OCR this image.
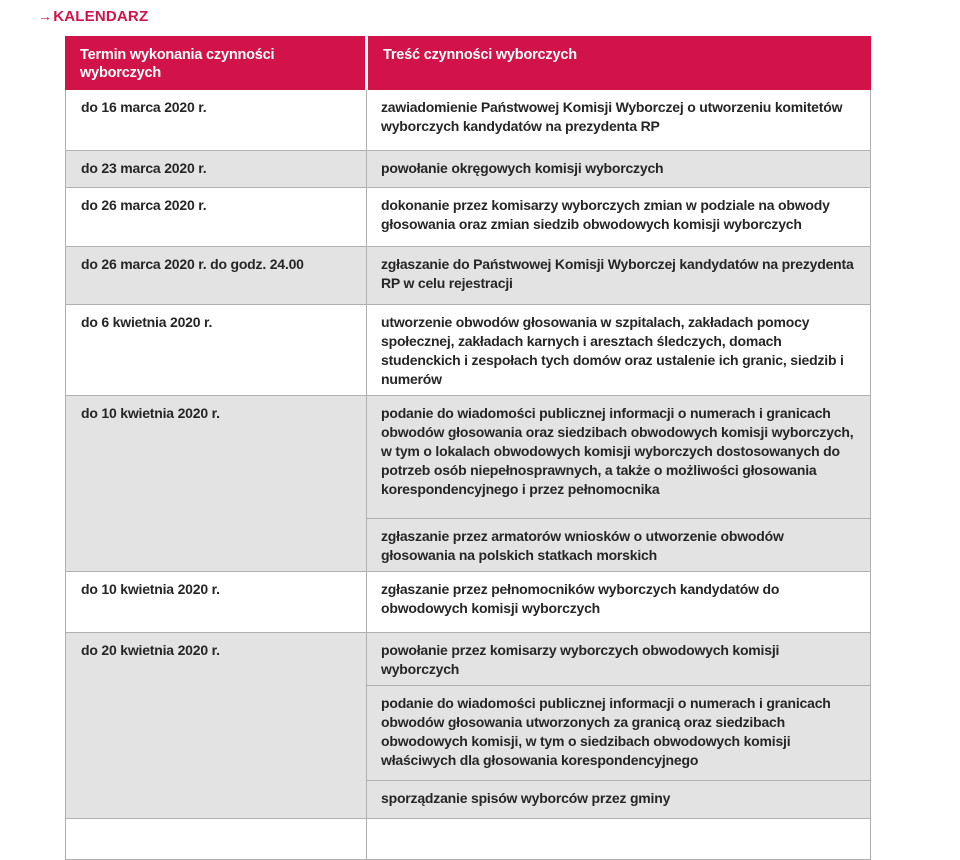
→KALENDARZ
Termin wykonania czynności wyborczych
Treść czynności wyborczych
do 16 marca 2020 r.	zawiadomienie Państwowej Komisji Wyborczej o utworzeniu komitetów wyborczych kandydatów na prezydenta RP
do 23 marca 2020 r.	powołanie okręgowych komisji wyborczych
do 26 marca 2020 r.	dokonanie przez komisarzy wyborczych zmian w podziale na obwody głosowania oraz zmian siedzib obwodowych komisji wyborczych
do 26 marca 2020 r. do godz. 24.00	zgłaszanie do Państwowej Komisji Wyborczej kandydatów na prezydenta RP w celu rejestracji
do 6 kwietnia 2020 r.	utworzenie obwodów głosowania w szpitalach, zakładach pomocy społecznej, zakładach karnych i aresztach śledczych, domach studenckich i zespołach tych domów oraz ustalenie ich granic, siedzib i numerów
do 10 kwietnia 2020 r.	podanie do wiadomości publicznej informacji o numerach i granicach obwodów głosowania oraz siedzibach obwodowych komisji wyborczych, w tym o lokalach obwodowych komisji wyborczych dostosowanych do potrzeb osób niepełnosprawnych, a także o możliwości głosowania korespondencyjnego i przez pełnomocnika
zgłaszanie przez armatorów wniosków o utworzenie obwodów głosowania na polskich statkach morskich
do 10 kwietnia 2020 r.	zgłaszanie przez pełnomocników wyborczych kandydatów do obwodowych komisji wyborczych
do 20 kwietnia 2020 r.	powołanie przez komisarzy wyborczych obwodowych komisji wyborczych
podanie do wiadomości publicznej informacji o numerach i granicach obwodów głosowania utworzonych za granicą oraz siedzibach obwodowych komisji, w tym o siedzibach obwodowych komisji właściwych dla głosowania korespondencyjnego
sporządzanie spisów wyborców przez gminy
